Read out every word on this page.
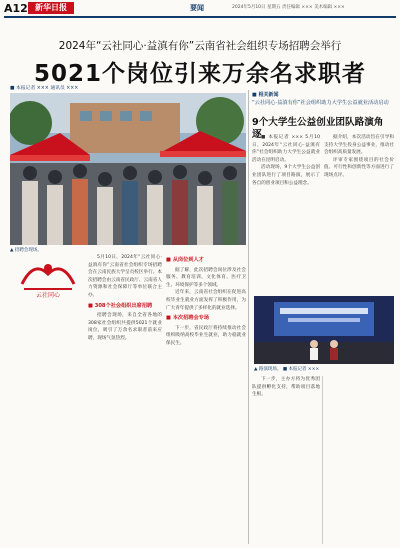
A12 新华日报	要闻	2024年5月10日 星期五 责任编辑 ××× 美术编辑 ×××
2024年“云社同心·益滇有你”云南省社会组织专场招聘会举行
5021个岗位引来万余名求职者
■ 本报记者 ××× 通讯员 ×××
▲ 招聘会现场。
云社同心

5月10日，2024年“云社同心·益滇有你”云南省社会组织专场招聘会在云南民族大学呈贡校区举行。本次招聘会由云南省民政厅、云南省人力资源和社会保障厅等单位联合主办。

■ 308个社会组织出席招聘

招聘会现场，来自全省各地的308家社会组织共提供5021个就业岗位，吸引了万余名求职者前来应聘，现场气氛热烈。

■ 从岗位到人才

据了解，此次招聘会岗位涉及社会服务、教育培训、文化体育、医疗卫生、环境保护等多个领域。

近年来，云南省社会组织在促进高校毕业生就业方面发挥了积极作用，为广大青年提供了多样化的就业选择。

■ 本次招聘会专场

下一步，省民政厅将持续推动社会组织吸纳高校毕业生就业，助力稳就业保民生。

■ 相关新闻
“云社同心·益滇有你”社会组织助力大学生公益就业活动启动
9个大学生公益创业团队路演角逐 ■ 本报记者 ××× 5月10日，2024年“云社同心·益滇有你”社会组织助力大学生公益就业活动在昆明启动。

活动现场，9个大学生公益创业团队进行了项目路演，展示了各自的创业项目和公益理念。

据介绍，本次活动旨在引导和支持大学生投身公益事业，推动社会组织高质量发展。

评审专家围绕项目的社会价值、可行性和创新性等方面进行了现场点评。

▲ 路演现场。 ■ 本报记者 ×××

下一步，主办方将为优秀团队提供孵化支持，帮助项目落地生根。
